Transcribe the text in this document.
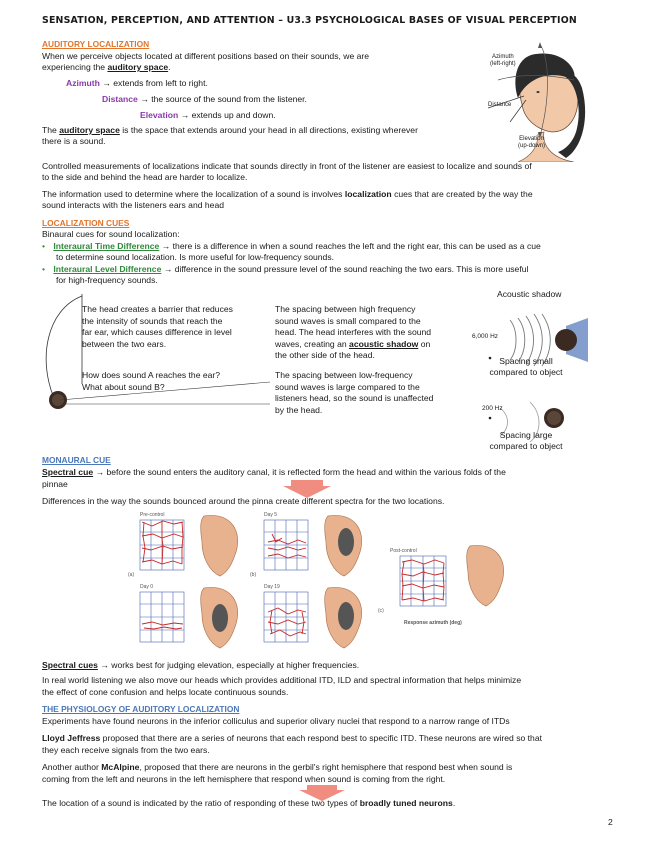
SENSATION, PERCEPTION, AND ATTENTION – U3.3 PSYCHOLOGICAL BASES OF VISUAL PERCEPTION
AUDITORY LOCALIZATION
When we perceive objects located at different positions based on their sounds, we are
experiencing the auditory space.
Azimuth → extends from left to right.
Distance → the source of the sound from the listener.
Elevation → extends up and down.
The auditory space is the space that extends around your head in all directions, existing wherever
there is a sound.
Azimuth
(left-right)
Distance
Elevation
(up-down)
Controlled measurements of localizations indicate that sounds directly in front of the listener are easiest to localize and sounds of
to the side and behind the head are harder to localize.
The information used to determine where the localization of a sound is involves localization cues that are created by the way the
sound interacts with the listeners ears and head
LOCALIZATION CUES
Binaural cues for sound localization:
• Interaural Time Difference → there is a difference in when a sound reaches the left and the right ear, this can be used as a cue
to determine sound localization. Is more useful for low-frequency sounds.
• Interaural Level Difference → difference in the sound pressure level of the sound reaching the two ears. This is more useful
for high-frequency sounds.
The head creates a barrier that reduces
the intensity of sounds that reach the
far ear, which causes difference in level
between the two ears.
How does sound A reaches the ear?
What about sound B?
The spacing between high frequency
sound waves is small compared to the
head. The head interferes with the sound
waves, creating an acoustic shadow on
the other side of the head.
The spacing between low-frequency
sound waves is large compared to the
listeners head, so the sound is unaffected
by the head.
Acoustic shadow
6,000 Hz
200 Hz
Spacing small
compared to object
Spacing large
compared to object
MONAURAL CUE
Spectral cue → before the sound enters the auditory canal, it is reflected form the head and within the various folds of the
pinnae
Differences in the way the sounds bounced around the pinna create different spectra for the two locations.
Pre-control	Day 5
Day 0	Day 19
Post-control
(a)	(b)
(c)
Response azimuth (deg)
Spectral cues → works best for judging elevation, especially at higher frequencies.
In real world listening we also move our heads which provides additional ITD, ILD and spectral information that helps minimize
the effect of cone confusion and helps locate continuous sounds.
THE PHYSIOLOGY OF AUDITORY LOCALIZATION
Experiments have found neurons in the inferior colliculus and superior olivary nuclei that respond to a narrow range of ITDs
Lloyd Jeffress proposed that there are a series of neurons that each respond best to specific ITD. These neurons are wired so that
they each receive signals from the two ears.
Another author McAlpine, proposed that there are neurons in the gerbil's right hemisphere that respond best when sound is
coming from the left and neurons in the left hemisphere that respond when sound is coming from the right.
The location of a sound is indicated by the ratio of responding of these two types of broadly tuned neurons.
2
